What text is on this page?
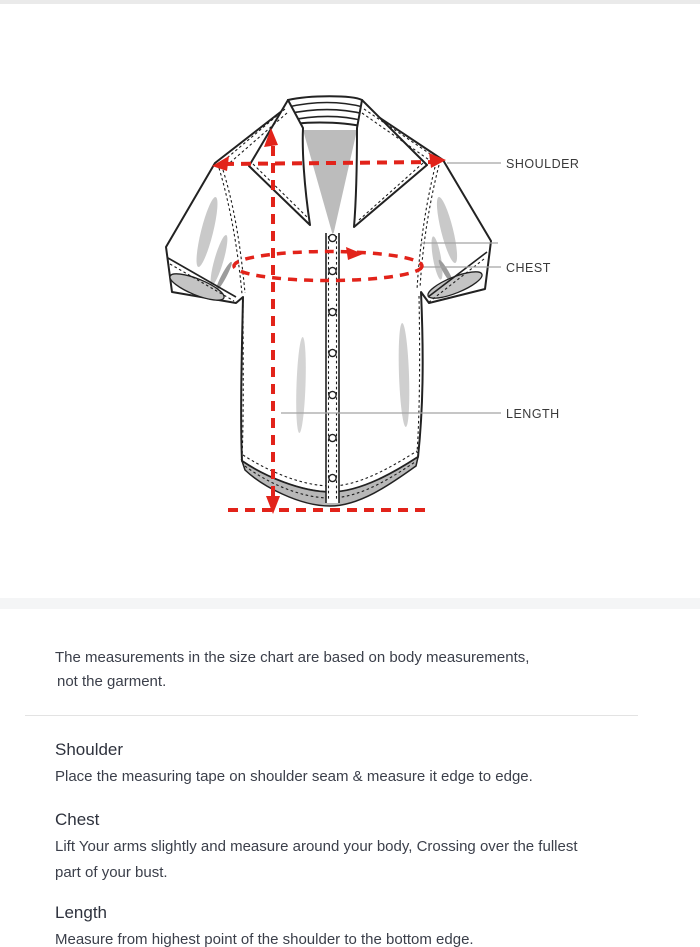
SHOULDER
CHEST
LENGTH
The measurements in the size chart are based on body measurements,
not the garment.
Shoulder

Place the measuring tape on shoulder seam & measure it edge to edge.

Chest

Lift Your arms slightly and measure around your body, Crossing over the fullest
part of your bust.

Length

Measure from highest point of the shoulder to the bottom edge.
